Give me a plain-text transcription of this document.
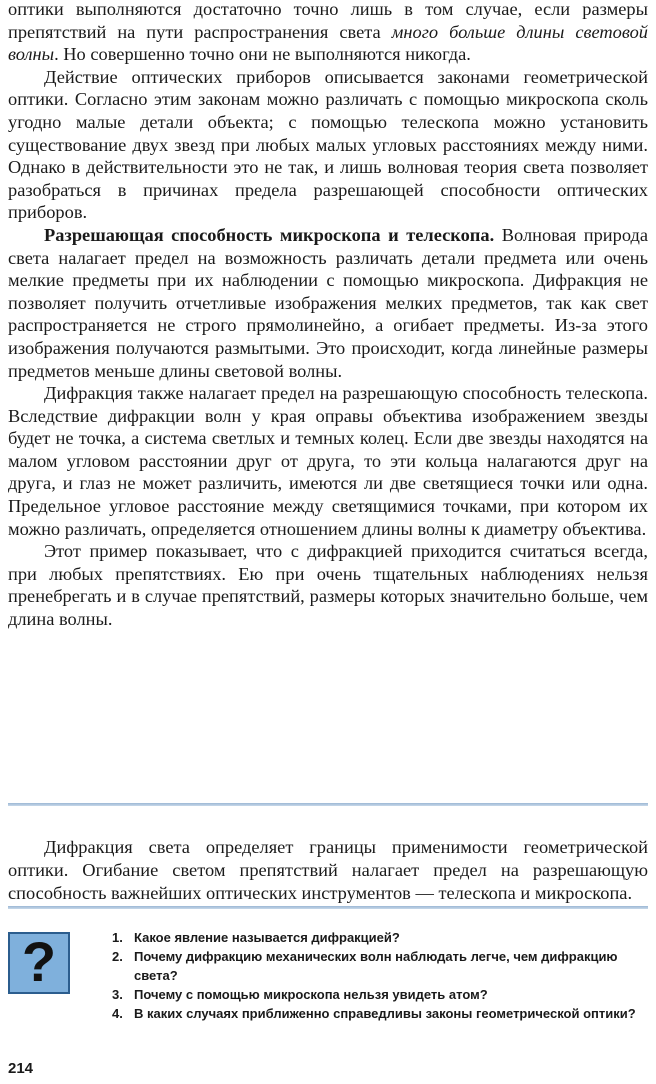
оптики выполняются достаточно точно лишь в том случае, если размеры препятствий на пути распространения света много больше длины световой волны. Но совершенно точно они не выполняются никогда.

Действие оптических приборов описывается законами геометрической оптики. Согласно этим законам можно различать с помощью микроскопа сколь угодно малые детали объекта; с помощью телескопа можно установить существование двух звезд при любых малых угловых расстояниях между ними. Однако в действительности это не так, и лишь волновая теория света позволяет разобраться в причинах предела разрешающей способности оптических приборов.

Разрешающая способность микроскопа и телескопа. Волновая природа света налагает предел на возможность различать детали предмета или очень мелкие предметы при их наблюдении с помощью микроскопа. Дифракция не позволяет получить отчетливые изображения мелких предметов, так как свет распространяется не строго прямолинейно, а огибает предметы. Из-за этого изображения получаются размытыми. Это происходит, когда линейные размеры предметов меньше длины световой волны.

Дифракция также налагает предел на разрешающую способность телескопа. Вследствие дифракции волн у края оправы объектива изображением звезды будет не точка, а система светлых и темных колец. Если две звезды находятся на малом угловом расстоянии друг от друга, то эти кольца налагаются друг на друга, и глаз не может различить, имеются ли две светящиеся точки или одна. Предельное угловое расстояние между светящимися точками, при котором их можно различать, определяется отношением длины волны к диаметру объектива.

Этот пример показывает, что с дифракцией приходится считаться всегда, при любых препятствиях. Ею при очень тщательных наблюдениях нельзя пренебрегать и в случае препятствий, размеры которых значительно больше, чем длина волны.

Дифракция света определяет границы применимости геометрической оптики. Огибание светом препятствий налагает предел на разрешающую способность важнейших оптических инструментов — телескопа и микроскопа.

?	1. Какое явление называется дифракцией?
2. Почему дифракцию механических волн наблюдать легче, чем дифракцию света?
3. Почему с помощью микроскопа нельзя увидеть атом?
4. В каких случаях приближенно справедливы законы геометрической оптики?
214
